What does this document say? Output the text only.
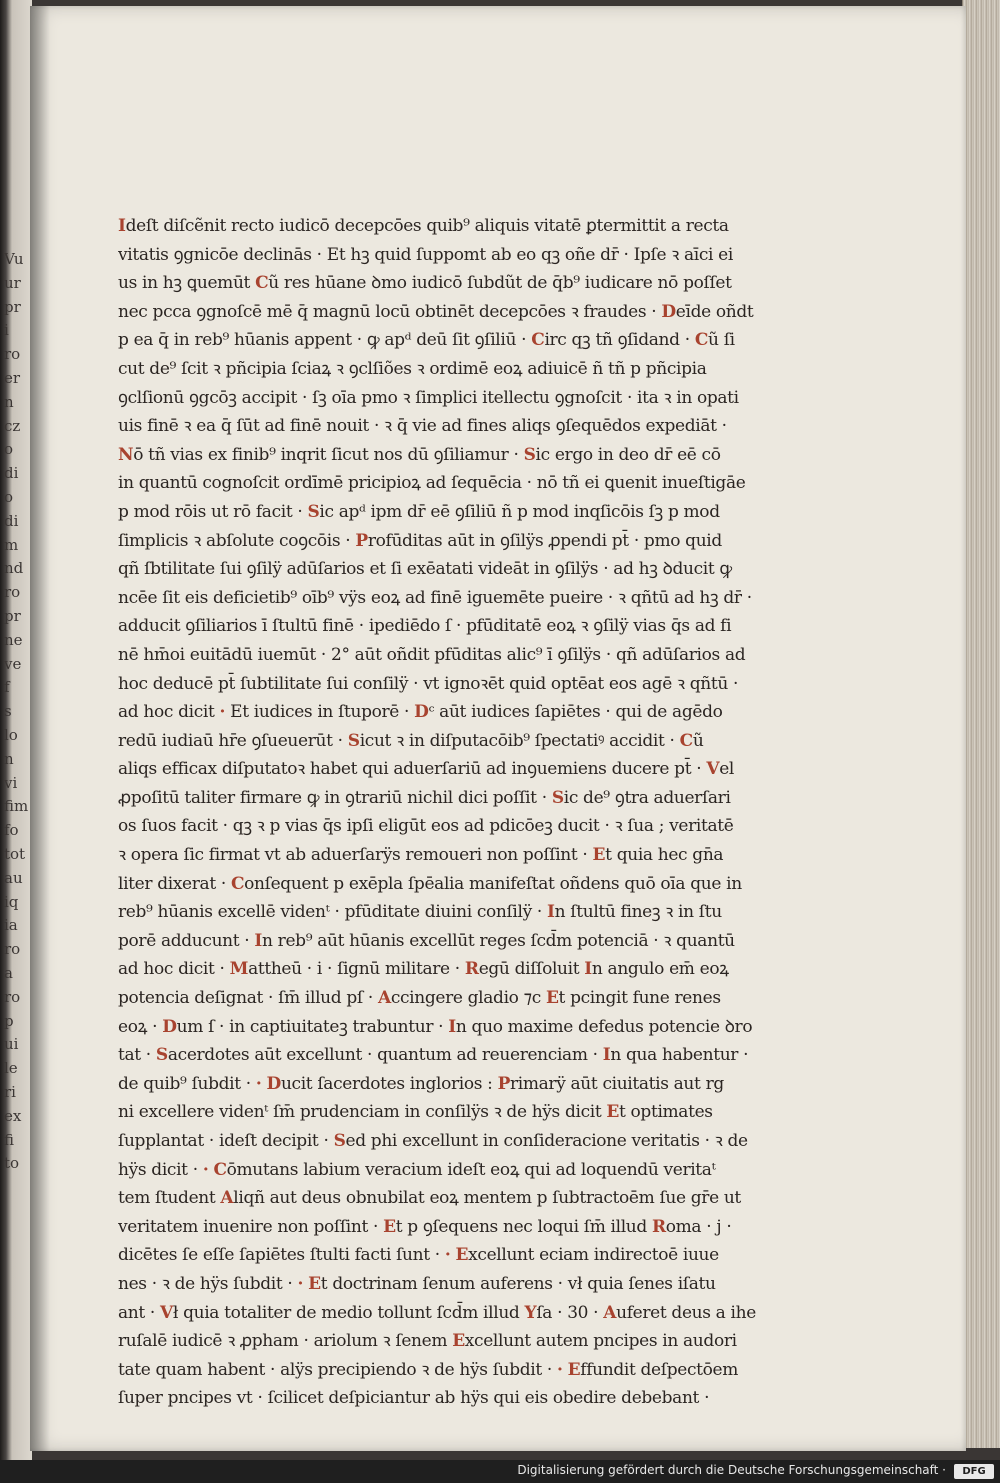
Vu
ur
pr
i
ro
er
n
cz
o
di
o
di
m
nd
ro
pr
ne
ve
f
s
lo
n
vi
fim
fo
tot
au
iq
ia
ro
a
ro
p
ui
le
ri
ex
fi
to
Ideſt diſcẽnit recto iudicō decepcōes quib⁹ aliquis vitatē ꝑtermittit a recta
vitatis ꝯgnicōe declinās · Et hꝫ quid ſuppomt ab eo qꝫ oñe dr̄ · Ipſe ꝛ aīci ei
us in hꝫ ꝗuemūt Cũ res hūane ꝺmo iudicō ſubdũt de q̄b⁹ iudicare nō poſſet
nec pcca ꝯgnoſcē mē q̄ magnū locū obtinēt decepcōes ꝛ fraudes · Deīde oñdt
p ea q̄ in reb⁹ hūanis appent · ꝙ apᵈ deū ſit ꝯſiliū · Circ qꝫ tñ ꝯſidand · Cũ ſi
cut de⁹ ſcit ꝛ pñcipia ſciaꝝ ꝛ ꝯclſiões ꝛ ordimē eoꝝ adiuicē ñ tñ p pñcipia
ꝯclſionū ꝯgcōꝫ accipit · ſꝫ oīa pmo ꝛ ſimplici itellectu ꝯgnoſcit · ita ꝛ in opati
uis finē ꝛ ea q̄ ſūt ad finē nouit · ꝛ q̄ vie ad fines aliqs ꝯſequēdos expediāt ·
Nō tñ vias ex finib⁹ inqrit ſicut nos dū ꝯſiliamur · Sic ergo in deo dr̄ eē cō
in quantū cognoſcit ordīmē pricipioꝝ ad ſequēcia · nō tñ ei ꝗuenit inueſtigāe
p mod rōis ut rō facit · Sic apᵈ ipm dr̄ eē ꝯſiliū ñ p mod inqſicōis ſꝫ p mod
ſimplicis ꝛ abſolute coꝯcōis · Profūditas aūt in ꝯſilÿs ꝓpendi pt̄ · pmo quid
qñ ſbtilitate ſui ꝯſilÿ adūſarios et ſi exēatati videāt in ꝯſilÿs · ad hꝫ ꝺducit ꝙ
ncēe ſit eis deficietib⁹ oīb⁹ vÿs eoꝝ ad finē iguemēte pueire · ꝛ qñtū ad hꝫ dr̄ ·
adducit ꝯſiliarios ī ſtultū finē · ipediēdo ſ · pfūditatē eoꝝ ꝛ ꝯſilÿ vias q̄s ad fi
nē hm̄oi euitādū iuemūt · 2° aūt oñdit pfūditas alic⁹ ī ꝯſilÿs · qñ adūſarios ad
hoc deducē pt̄ ſubtilitate ſui conſilÿ · vt ignoꝛēt quid optēat eos agē ꝛ qñtū ·
ad hoc dicit · Et iudices in ſtuporē · Dᶜ aūt iudices ſapiētes · qui de agēdo
redū iudiaū hr̄e ꝯſueuerūt · Sicut ꝛ in diſputacōib⁹ ſpectatiꝰ accidit · Cũ
aliqs efficax diſputatoꝛ habet qui aduerſariū ad inꝯuemiens ducere pt̄ · Vel
ꝓpoſitū taliter firmare ꝙ in ꝯtrariū nichil dici poſſit · Sic de⁹ ꝯtra aduerſari
os ſuos facit · qꝫ ꝛ p vias q̄s ipſi eligūt eos ad pdicōeꝫ ducit · ꝛ ſua ; veritatē
ꝛ opera ſic firmat vt ab aduerſarÿs remoueri non poſſint · Et quia hec gn̄a
liter dixerat · Conſequent p exēpla ſpēalia manifeſtat oñdens quō oīa que in
reb⁹ hūanis excellē videnᵗ · pfūditate diuini conſilÿ · In ſtultū fineꝫ ꝛ in ſtu
porē adducunt · In reb⁹ aūt hūanis excellūt reges ſcd̄m potenciā · ꝛ quantū
ad hoc dicit · Mattheū · i · ſignū militare · Regū diſſoluit In angulo em̄ eoꝝ
potencia deſignat · ſm̄ illud pſ · Accingere gladio ⁊c Et pcingit fune renes
eoꝝ · Dum ſ · in captiuitateꝫ trabuntur · In quo maxime defedus potencie ꝺro
tat · Sacerdotes aūt excellunt · quantum ad reuerenciam · In qua habentur ·
de quib⁹ ſubdit · · Ducit ſacerdotes inglorios : Primarÿ aūt ciuitatis aut rg
ni excellere videnᵗ ſm̄ prudenciam in conſilÿs ꝛ de hÿs dicit Et optimates
ſupplantat · ideſt decipit · Sed phi excellunt in conſideracione veritatis · ꝛ de
hÿs dicit · · Cōmutans labium veracium ideſt eoꝝ qui ad loquendū veritaᵗ
tem ſtudent Aliqñ aut deus obnubilat eoꝝ mentem p ſubtractoēm ſue gr̄e ut
veritatem inuenire non poſſint · Et p ꝯſequens nec loqui ſm̄ illud Roma · j ·
dicētes ſe eſſe ſapiētes ſtulti facti ſunt · · Excellunt eciam indirectoē iuue
nes · ꝛ de hÿs ſubdit · · Et doctrinam ſenum auferens · vł quia ſenes iſatu
ant · Vł quia totaliter de medio tollunt ſcd̄m illud Yſa · 30 · Auferet deus a ihe
ruſalē iudicē ꝛ ꝓpham · ariolum ꝛ ſenem Excellunt autem pncipes in audori
tate quam habent · alÿs precipiendo ꝛ de hÿs ſubdit · · Effundit deſpectōem
ſuper pncipes vt · ſcilicet deſpiciantur ab hÿs qui eis obedire debebant ·
Digitalisierung gefördert durch die Deutsche Forschungsgemeinschaft ·	DFG
